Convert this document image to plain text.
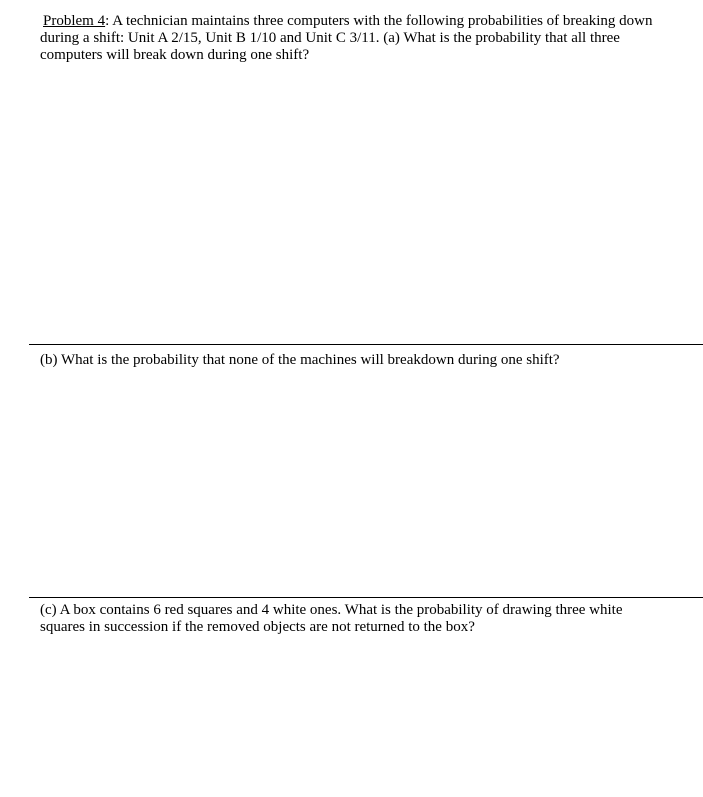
Problem 4: A technician maintains three computers with the following probabilities of breaking down during a shift: Unit A 2/15, Unit B 1/10 and Unit C 3/11. (a) What is the probability that all three computers will break down during one shift?

(b) What is the probability that none of the machines will breakdown during one shift?

(c) A box contains 6 red squares and 4 white ones. What is the probability of drawing three white squares in succession if the removed objects are not returned to the box?
